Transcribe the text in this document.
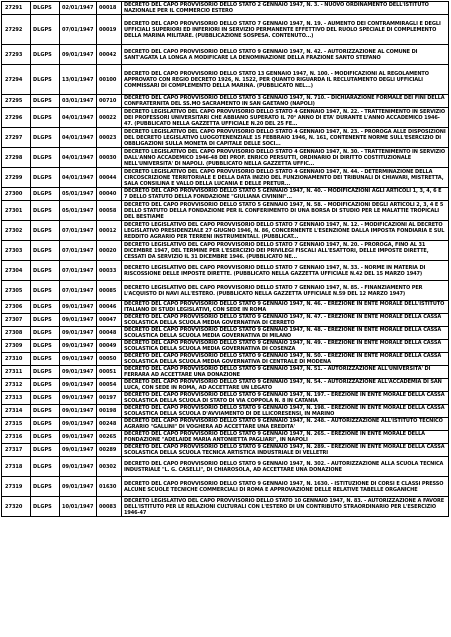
27291	DLGPS	02/01/1947	00018	DECRETO DEL CAPO PROVVISORIO DELLO STATO 2 GENNAIO 1947, N. 3. - NUOVO ORDINAMENTO DELL'ISTITUTO NAZIONALE PER IL COMMERCIO ESTERO
27292	DLGPS	07/01/1947	00019	DECRETO DEL CAPO PROVVISORIO DELLO STATO 7 GENNAIO 1947, N. 19. - AUMENTO DEI CONTRAMMIRAGLI E DEGLI UFFICIALI SUPERIORI ED INFERIORI IN SERVIZIO PERMANENTE EFFETTIVO DEL RUOLO SPECIALE DI COMPLEMENTO DELLA MARINA MILITARE. (PUBBLICAZIONE SOSPESA. CONTENUTO...)
27293	DLGPS	09/01/1947	00042	DECRETO DEL CAPO PROVVISORIO DELLO STATO 9 GENNAIO 1947, N. 42. - AUTORIZZAZIONE AL COMUNE DI SANT'AGATA LA LONGA A MODIFICARE LA DENOMINAZIONE DELLA FRAZIONE SANTO STEFANO
27294	DLGPS	13/01/1947	00100	DECRETO DEL CAPO PROVVISORIO DELLO STATO 13 GENNAIO 1947, N. 100. - MODIFICAZIONI AL REGOLAMENTO APPROVATO CON REGIO DECRETO 1926, N. 1522, PER QUANTO RIGUARDA IL RECLUTAMENTO DEGLI UFFICIALI COMMISSARI DI COMPLEMENTO DELLA MARINA. (PUBBLICATO NEL...)
27295	DLGPS	03/01/1947	00710	DECRETO DEL CAPO PROVVISORIO DELLO STATO 3 GENNAIO 1947, N. 710. - DICHIARAZIONE FORMALE DEI FINI DELLA CONFRATERNITA DEL SS.MO SACRAMENTO IN SAN GAETANO (NAPOLI)
27296	DLGPS	04/01/1947	00022	DECRETO LEGISLATIVO DEL CAPO PROVVISORIO DELLO STATO 4 GENNAIO 1947, N. 22. - TRATTENIMENTO IN SERVIZIO DEI PROFESSORI UNIVERSITARI CHE ABBIANO SUPERATO IL 70° ANNO DI ETA' DURANTE L'ANNO ACCADEMICO 1946-47. (PUBBLICATO NELLA GAZZETTA UFFICIALE N.20 DEL 25 FE...
27297	DLGPS	04/01/1947	00023	DECRETO LEGISLATIVO DEL CAPO PROVVISORIO DELLO STATO 4 GENNAIO 1947, N. 23. - PROROGA ALLE DISPOSIZIONI DEL DECRETO LEGISLATIVO LUOGOTENENZIALE 15 FEBBRAIO 1946, N. 161, CONTENENTE NORME SULL'ESERCIZIO DI OBBLIGAZIONI SULLA MONETA DI CAPITALE DELLE SOCI...
27298	DLGPS	04/01/1947	00030	DECRETO LEGISLATIVO DEL CAPO PROVVISORIO DELLO STATO 4 GENNAIO 1947, N. 30. - TRATTENIMENTO IN SERVIZIO DALL'ANNO ACCADEMICO 1946-48 DEI PROF. ENRICO PERSUTTI, ORDINARIO DI DIRITTO COSTITUZIONALE NELL'UNIVERSITA' DI NAPOLI. (PUBBLICATO NELLA GAZZETTA UFFIC...
27299	DLGPS	04/01/1947	00044	DECRETO LEGISLATIVO DEL CAPO PROVVISORIO DELLO STATO 4 GENNAIO 1947, N. 44. - DETERMINAZIONE DELLA CIRCOSCRIZIONE TERRITORIALE E DELLA DATA INIZIO DEL FUNZIONAMENTO DEI TRIBUNALI DI CHIAVARI, MISTRETTA, SALA CONSILINA E VALLO DELLA LUCANIA E DELLE PRETUR...
27300	DLGPS	05/01/1947	00040	DECRETO DEL CAPO PROVVISORIO DELLO STATO 5 GENNAIO 1947, N. 40. - MODIFICAZIONI AGLI ARTICOLI 1, 3, 4, 6 E 7 DELLO STATUTO DELLA FONDAZIONE "GIULIANA CIVININI"...
27301	DLGPS	05/01/1947	00058	DECRETO DEL CAPO PROVVISORIO DELLO STATO 5 GENNAIO 1947, N. 58. - MODIFICAZIONI DEGLI ARTICOLI 2, 3, 4 E 5 DELLO STATUTO DELLA FONDAZIONE PER IL CONFERIMENTO DI UNA BORSA DI STUDIO PER LE MALATTIE TROPICALI DEL BESTIAME
27302	DLGPS	07/01/1947	00012	DECRETO LEGISLATIVO DEL CAPO PROVVISORIO DELLO STATO 7 GENNAIO 1947, N. 12. - MODIFICAZIONI AL DECRETO LEGISLATIVO PRESIDENZIALE 27 GIUGNO 1946, N. 86, CONCERNENTE L'ESENZIONE DALLA IMPOSTA FONDIARIA E SUL REDDITO AGRARIO PER TERRENI INSTRUMENTALI. (PUBBLICAT...
27303	DLGPS	07/01/1947	00020	DECRETO LEGISLATIVO DEL CAPO PROVVISORIO DELLO STATO 7 GENNAIO 1947, N. 20. - PROROGA, FINO AL 31 DICEMBRE 1947, DEL TERMINE PER L'ESERCIZIO DEI PRIVILEGI FISCALI ALL'ESATTORI, DELLE IMPOSTE DIRETTE, CESSATI DA SERVIZIO IL 31 DICEMBRE 1946. (PUBBLICATO NE...
27304	DLGPS	07/01/1947	00033	DECRETO LEGISLATIVO DEL CAPO PROVVISORIO DELLO STATO 7 GENNAIO 1947, N. 33. - NORME IN MATERIA DI RISCOSSIONE DELLE IMPOSTE DIRETTE. (PUBBLICATO NELLA GAZZETTA UFFICIALE N.42 DEL 15 MARZO 1947)
27305	DLGPS	07/01/1947	00085	DECRETO LEGISLATIVO DEL CAPO PROVVISORIO DELLO STATO 7 GENNAIO 1947, N. 85. - FINANZIAMENTO PER L'ACQUISTO DI NAVI ALL'ESTERO. (PUBBLICATO NELLA GAZZETTA UFFICIALE N.59 DEL 12 MARZO 1947)
27306	DLGPS	09/01/1947	00046	DECRETO DEL CAPO PROVVISORIO DELLO STATO 9 GENNAIO 1947, N. 46. - EREZIONE IN ENTE MORALE DELL'ISTITUTO ITALIANO DI STUDI LEGISLATIVI, CON SEDE IN ROMA
27307	DLGPS	09/01/1947	00047	DECRETO DEL CAPO PROVVISORIO DELLO STATO 9 GENNAIO 1947, N. 47. - EREZIONE IN ENTE MORALE DELLA CASSA SCOLASTICA DELLA SCUOLA MEDIA GOVERNATIVA DI CERRETO
27308	DLGPS	09/01/1947	00048	DECRETO DEL CAPO PROVVISORIO DELLO STATO 9 GENNAIO 1947, N. 48. - EREZIONE IN ENTE MORALE DELLA CASSA SCOLASTICA DELLA SCUOLA MEDIA GOVERNATIVA DI MILANO
27309	DLGPS	09/01/1947	00049	DECRETO DEL CAPO PROVVISORIO DELLO STATO 9 GENNAIO 1947, N. 49. - EREZIONE IN ENTE MORALE DELLA CASSA SCOLASTICA DELLA SCUOLA MEDIA GOVERNATIVA DI COSENZA
27310	DLGPS	09/01/1947	00050	DECRETO DEL CAPO PROVVISORIO DELLO STATO 9 GENNAIO 1947, N. 50. - EREZIONE IN ENTE MORALE DELLA CASSA SCOLASTICA DELLA SCUOLA MEDIA GOVERNATIVA DI CENTRALE DI MODENA
27311	DLGPS	09/01/1947	00051	DECRETO DEL CAPO PROVVISORIO DELLO STATO 9 GENNAIO 1947, N. 51. - AUTORIZZAZIONE ALL'UNIVERSITA' DI FERRARA AD ACCETTARE UNA DONAZIONE
27312	DLGPS	09/01/1947	00054	DECRETO DEL CAPO PROVVISORIO DELLO STATO 9 GENNAIO 1947, N. 54. - AUTORIZZAZIONE ALL'ACCADEMIA DI SAN LUCA, CON SEDE IN ROMA, AD ACCETTARE UN LEGATO
27313	DLGPS	09/01/1947	00197	DECRETO DEL CAPO PROVVISORIO DELLO STATO 9 GENNAIO 1947, N. 197. - EREZIONE IN ENTE MORALE DELLA CASSA SCOLASTICA DELLA SCUOLA DI STATO DI VIA COPPOLA N. 8 IN CATANIA
27314	DLGPS	09/01/1947	00198	DECRETO DEL CAPO PROVVISORIO DELLO STATO 9 GENNAIO 1947, N. 198. - EREZIONE IN ENTE MORALE DELLA CASSA SCOLASTICA DELLA SCUOLA D'AVVIAMENTO DI DE LLICORESENSI, IN MARINO
27315	DLGPS	09/01/1947	00248	DECRETO DEL CAPO PROVVISORIO DELLO STATO 9 GENNAIO 1947, N. 248. - AUTORIZZAZIONE ALL'ISTITUTO TECNICO AGRARIO "GALLINI" DI VOGHERA AD ACCETTARE UNA EREDITA'
27316	DLGPS	09/01/1947	00265	DECRETO DEL CAPO PROVVISORIO DELLO STATO 9 GENNAIO 1947, N. 265. - EREZIONE IN ENTE MORALE DELLA FONDAZIONE "ADELAIDE MARIA ANTONIETTA PAGLIARI", IN NAPOLI
27317	DLGPS	09/01/1947	00289	DECRETO DEL CAPO PROVVISORIO DELLO STATO 9 GENNAIO 1947, N. 289. - EREZIONE IN ENTE MORALE DELLA CASSA SCOLASTICA DELLA SCUOLA TECNICA ARTISTICA INDUSTRIALE DI VELLETRI
27318	DLGPS	09/01/1947	00302	DECRETO DEL CAPO PROVVISORIO DELLO STATO 9 GENNAIO 1947, N. 302. - AUTORIZZAZIONE ALLA SCUOLA TECNICA INDUSTRIALE "L. G. CASELLI", DI CHIAROSOLA, AD ACCETTARE UNA DONAZIONE
27319	DLGPS	09/01/1947	01630	DECRETO DEL CAPO PROVVISORIO DELLO STATO 9 GENNAIO 1947, N. 1630. - ISTITUZIONE DI CORSI E CLASSI PRESSO ALCUNE SCUOLE TECNICHE COMMERCIALI DI ROMA E APPROVAZIONE DELLE RELATIVE TABELLE ORGANICHE
27320	DLGPS	10/01/1947	00083	DECRETO LEGISLATIVO DEL CAPO PROVVISORIO DELLO STATO 10 GENNAIO 1947, N. 83. - AUTORIZZAZIONE A FAVORE DELL'ISTITUTO PER LE RELAZIONI CULTURALI CON L'ESTERO DI UN CONTRIBUTO STRAORDINARIO PER L'ESERCIZIO 1946-47
